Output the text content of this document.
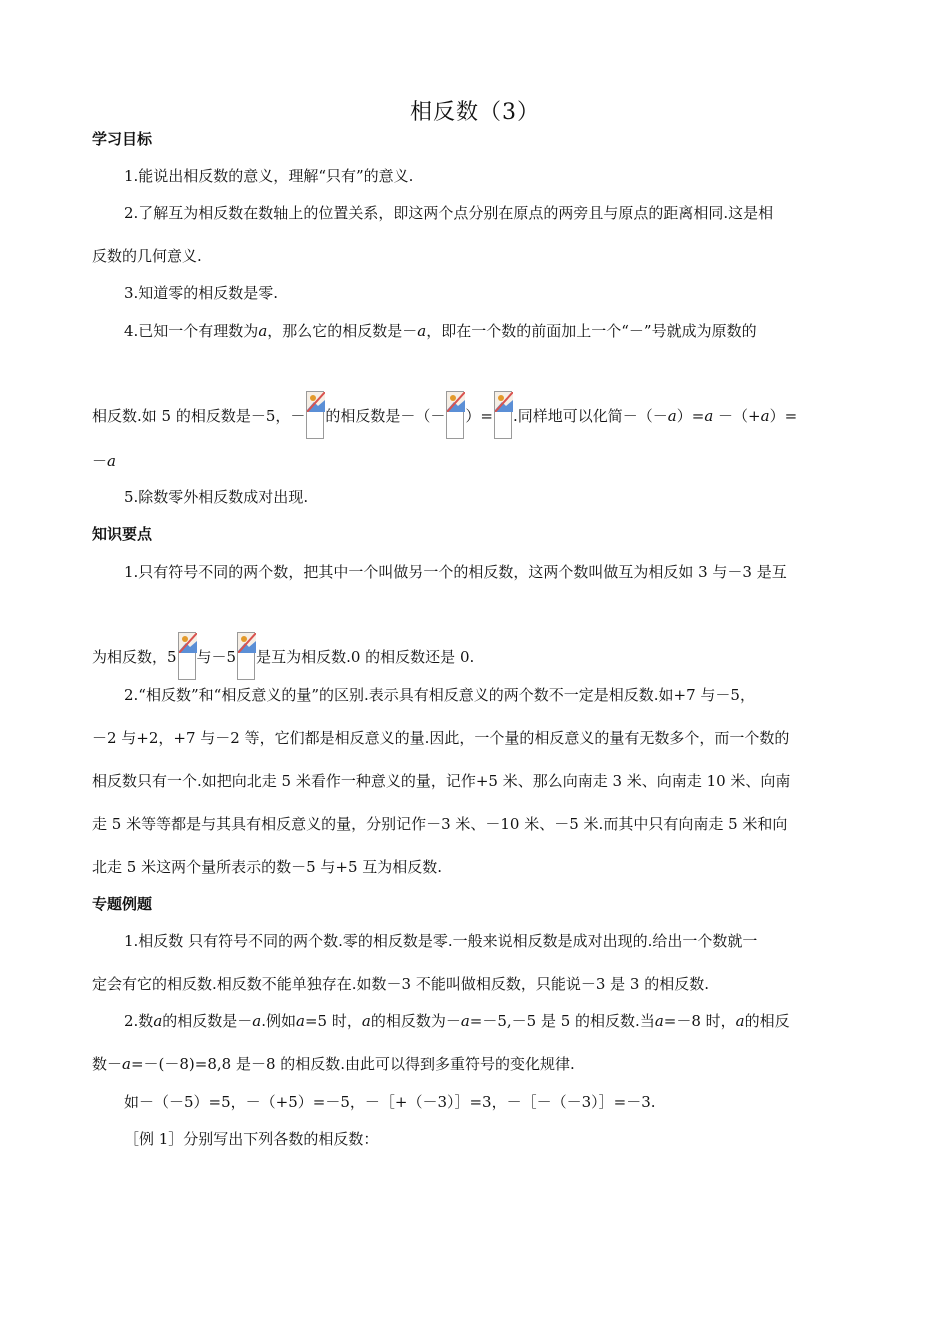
相反数（3）
学习目标
1.能说出相反数的意义，理解“只有”的意义.
2.了解互为相反数在数轴上的位置关系，即这两个点分别在原点的两旁且与原点的距离相同.这是相
反数的几何意义.
3.知道零的相反数是零.
4.已知一个有理数为a，那么它的相反数是－a，即在一个数的前面加上一个“－”号就成为原数的
相反数.如 5 的相反数是－5，－ 的相反数是－（－ ）= .同样地可以化简－（－a）=a －（+a）=
－a
5.除数零外相反数成对出现.
知识要点
1.只有符号不同的两个数，把其中一个叫做另一个的相反数，这两个数叫做互为相反如 3 与－3 是互
为相反数，5 与－5 是互为相反数.0 的相反数还是 0.
2.“相反数”和“相反意义的量”的区别.表示具有相反意义的两个数不一定是相反数.如+7 与－5，
－2 与+2，+7 与－2 等，它们都是相反意义的量.因此，一个量的相反意义的量有无数多个，而一个数的
相反数只有一个.如把向北走 5 米看作一种意义的量，记作+5 米、那么向南走 3 米、向南走 10 米、向南
走 5 米等等都是与其具有相反意义的量，分别记作－3 米、－10 米、－5 米.而其中只有向南走 5 米和向
北走 5 米这两个量所表示的数－5 与+5 互为相反数.
专题例题
1.相反数 只有符号不同的两个数.零的相反数是零.一般来说相反数是成对出现的.给出一个数就一
定会有它的相反数.相反数不能单独存在.如数－3 不能叫做相反数，只能说－3 是 3 的相反数.
2.数a的相反数是－a.例如a=5 时，a的相反数为－a=－5,－5 是 5 的相反数.当a=－8 时，a的相反
数－a=－(－8)=8,8 是－8 的相反数.由此可以得到多重符号的变化规律.
如－（－5）=5，－（+5）=－5，－［+（－3）］=3，－［－（－3）］=－3.
［例 1］分别写出下列各数的相反数：
